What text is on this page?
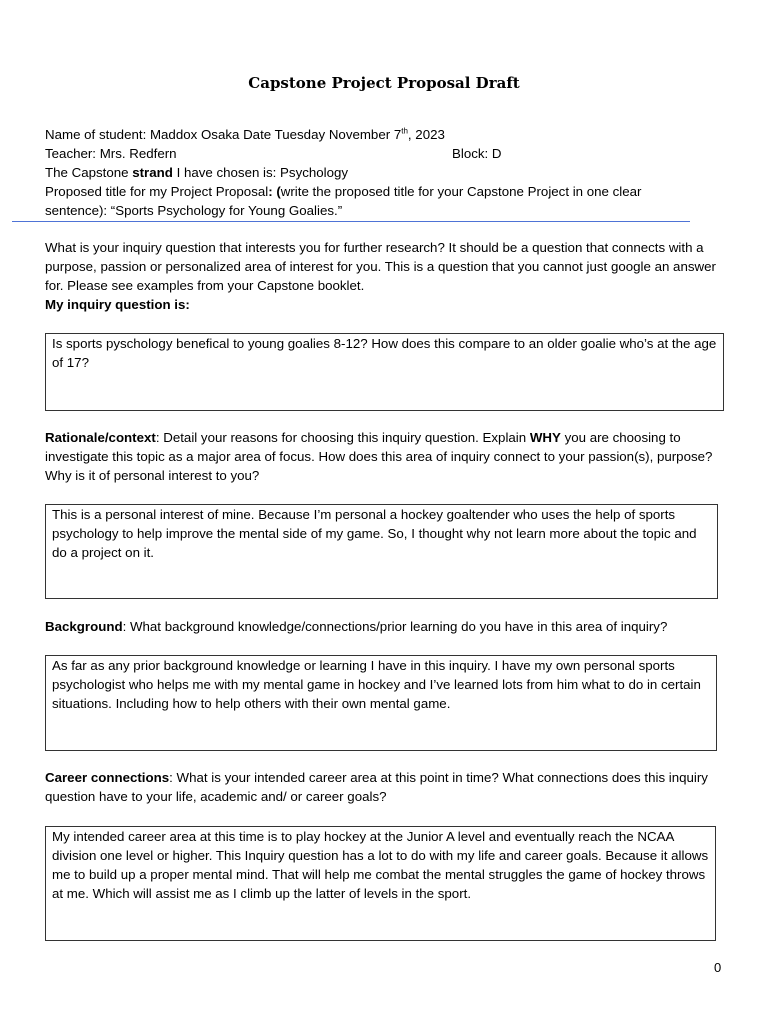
Capstone Project Proposal Draft
Name of student: Maddox Osaka Date Tuesday November 7th, 2023
Teacher: Mrs. Redfern	Block: D
The Capstone strand I have chosen is: Psychology
Proposed title for my Project Proposal: (write the proposed title for your Capstone Project in one clear
sentence): “Sports Psychology for Young Goalies.”

What is your inquiry question that interests you for further research? It should be a question that connects with a purpose, passion or personalized area of interest for you. This is a question that you cannot just google an answer for. Please see examples from your Capstone booklet.

My inquiry question is:

Is sports pyschology benefical to young goalies 8-12? How does this compare to an older goalie who’s at the age of 17?

Rationale/context: Detail your reasons for choosing this inquiry question. Explain WHY you are choosing to investigate this topic as a major area of focus. How does this area of inquiry connect to your passion(s), purpose? Why is it of personal interest to you?

This is a personal interest of mine. Because I’m personal a hockey goaltender who uses the help of sports psychology to help improve the mental side of my game. So, I thought why not learn more about the topic and do a project on it.

Background: What background knowledge/connections/prior learning do you have in this area of inquiry?

As far as any prior background knowledge or learning I have in this inquiry. I have my own personal sports psychologist who helps me with my mental game in hockey and I’ve learned lots from him what to do in certain situations. Including how to help others with their own mental game.

Career connections: What is your intended career area at this point in time? What connections does this inquiry question have to your life, academic and/ or career goals?

My intended career area at this time is to play hockey at the Junior A level and eventually reach the NCAA division one level or higher. This Inquiry question has a lot to do with my life and career goals. Because it allows me to build up a proper mental mind. That will help me combat the mental struggles the game of hockey throws at me. Which will assist me as I climb up the latter of levels in the sport.
0
